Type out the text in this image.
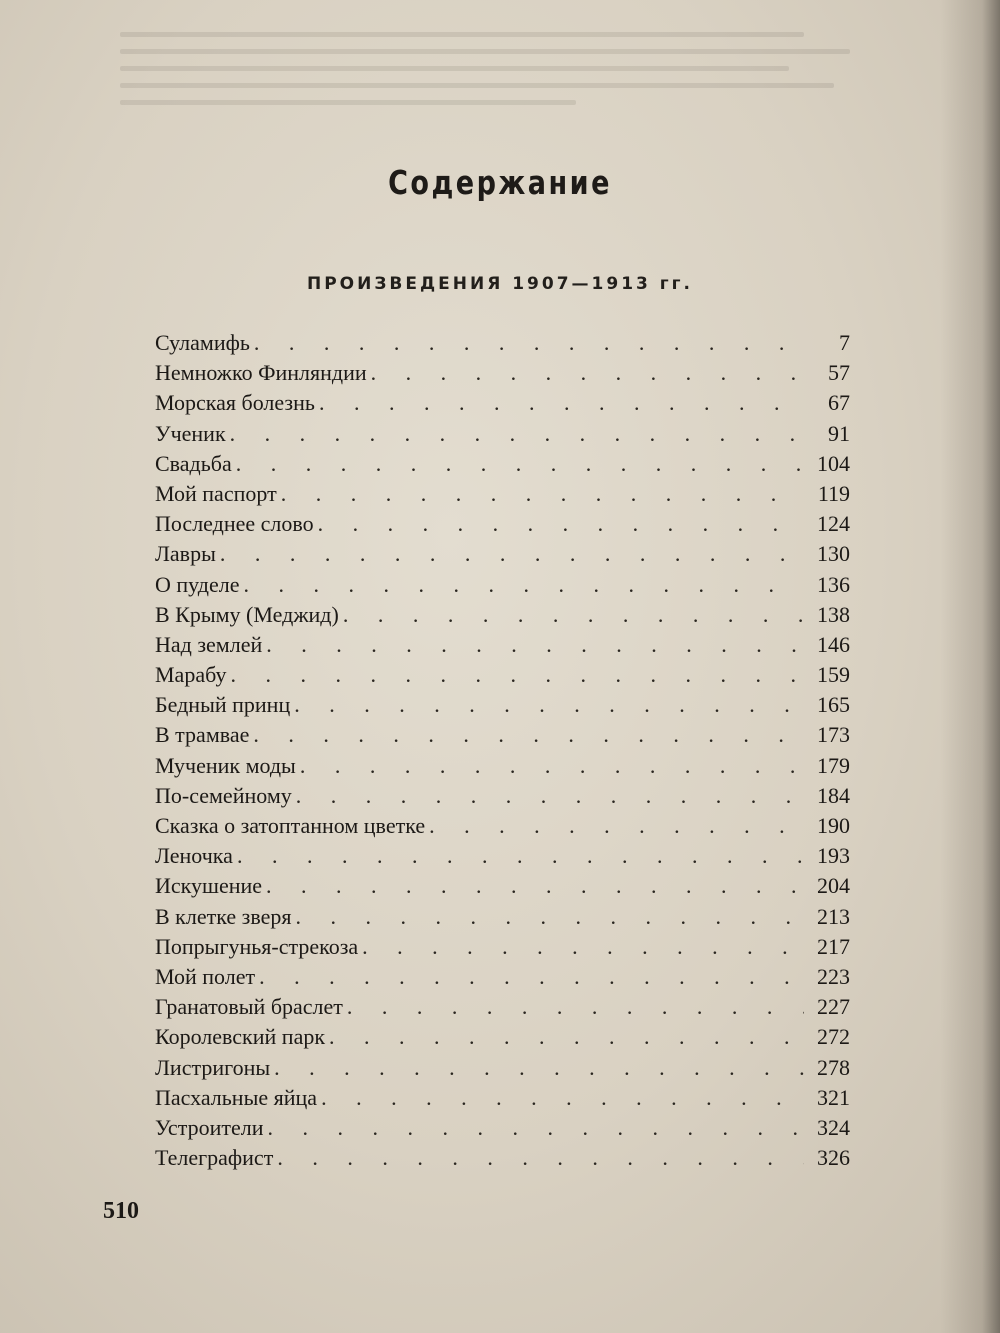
Содержание
ПРОИЗВЕДЕНИЯ 1907—1913 гг.
Суламифь . . .	7
Немножко Финляндии . . .	57
Морская болезнь . . .	67
Ученик . . .	91
Свадьба . . .	104
Мой паспорт . . .	119
Последнее слово . . .	124
Лавры . . .	130
О пуделе . . .	136
В Крыму (Меджид) . . .	138
Над землей . . .	146
Марабу . . .	159
Бедный принц . . .	165
В трамвае . . .	173
Мученик моды . . .	179
По-семейному . . .	184
Сказка о затоптанном цветке . . .	190
Леночка . . .	193
Искушение . . .	204
В клетке зверя . . .	213
Попрыгунья-стрекоза . . .	217
Мой полет . . .	223
Гранатовый браслет . . .	227
Королевский парк . . .	272
Листригоны . . .	278
Пасхальные яйца . . .	321
Устроители . . .	324
Телеграфист . . .	326
510
